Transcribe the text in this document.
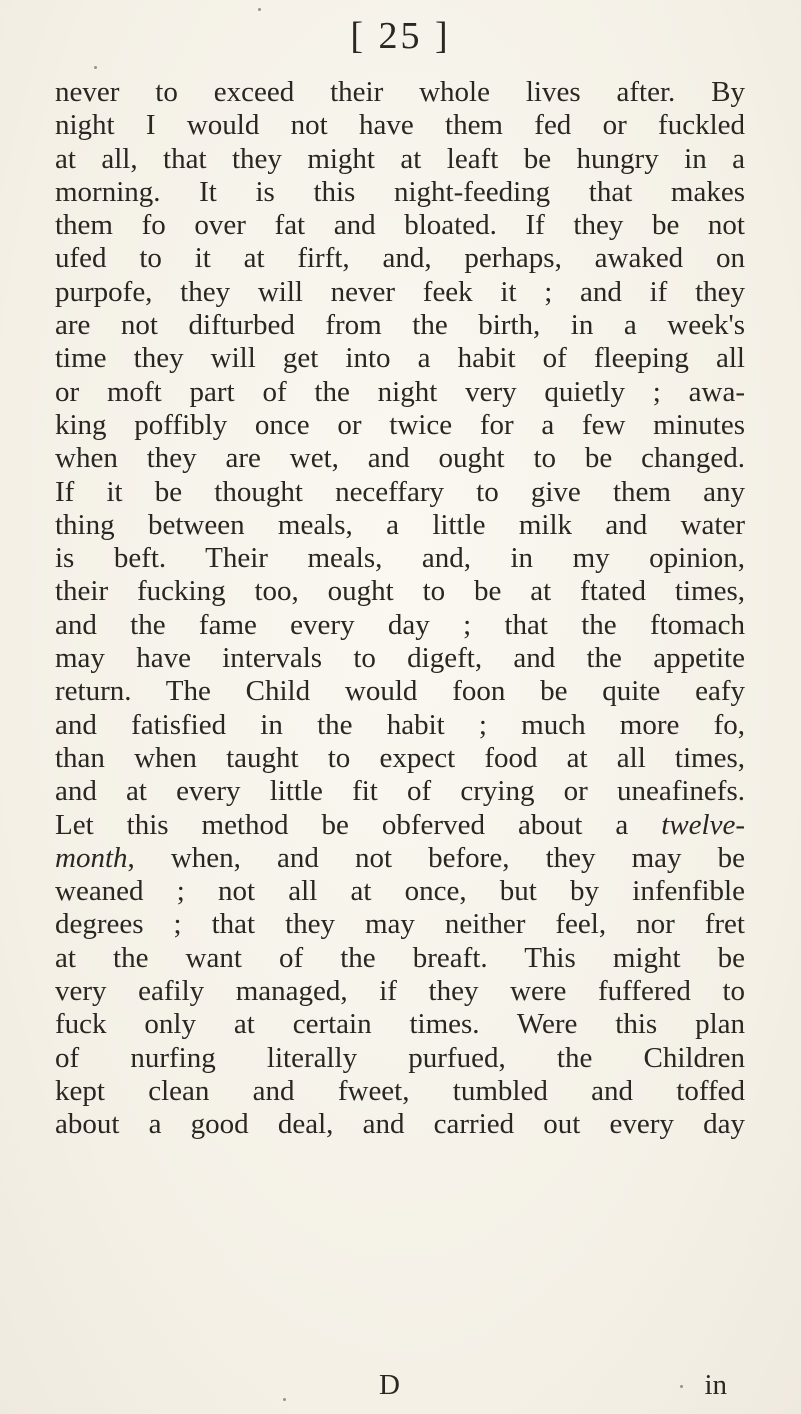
[ 25 ]
never to exceed their whole lives after. By
night I would not have them fed or fuckled
at all, that they might at leaft be hungry in a
morning. It is this night-feeding that makes
them fo over fat and bloated. If they be not
ufed to it at firft, and, perhaps, awaked on
purpofe, they will never feek it ; and if they
are not difturbed from the birth, in a week's
time they will get into a habit of fleeping all
or moft part of the night very quietly ; awa-
king poffibly once or twice for a few minutes
when they are wet, and ought to be changed.
If it be thought neceffary to give them any
thing between meals, a little milk and water
is beft. Their meals, and, in my opinion,
their fucking too, ought to be at ftated times,
and the fame every day ; that the ftomach
may have intervals to digeft, and the appetite
return. The Child would foon be quite eafy
and fatisfied in the habit ; much more fo,
than when taught to expect food at all times,
and at every little fit of crying or uneafinefs.
Let this method be obferved about a twelve-
month, when, and not before, they may be
weaned ; not all at once, but by infenfible
degrees ; that they may neither feel, nor fret
at the want of the breaft. This might be
very eafily managed, if they were fuffered to
fuck only at certain times. Were this plan
of nurfing literally purfued, the Children
kept clean and fweet, tumbled and toffed
about a good deal, and carried out every day
D	in
